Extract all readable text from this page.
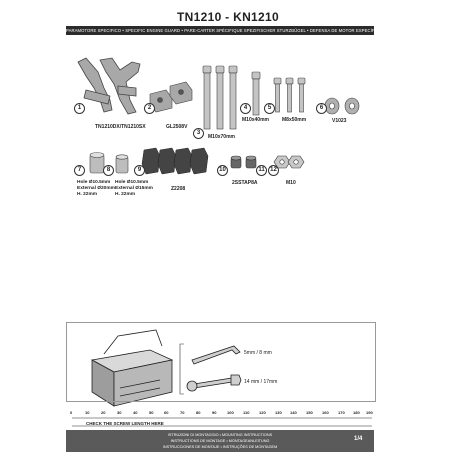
TN1210 - KN1210
PARAMOTORE SPECIFICO • SPECIFIC ENGINE GUARD • PARE-CARTER SPÉCIFIQUE SPEZIFISCHER STURZBÜGEL • DEFENSA DE MOTOR ESPECÍFICA • PARACHOQUES ESPECÍFICO
1
TN1210DX/TN1210SX
2
GL2508V
3
M10x70mm
4
M10x40mm
5
M8x50mm
6
V1023
7
Hole Ø10.5mm
External Ø20mm
H. 22mm
8
Hole Ø10.5mm
External Ø15mm
H. 22mm
9
Z2208
10	11
2SSTAP8A
12
M10
5mm / 8 mm
14 mm / 17mm
0	10	20	30	40	50	60	70	80	90	100 110 120 130 140 150 160 170 180 190
CHECK THE SCREW LENGTH HERE
ISTRUZIONI DI MONTAGGIO • MOUNTING INSTRUCTIONS
INSTRUCTIONS DE MONTAGE • MONTAGEANLEITUNG
INSTRUCCIONES DE MONTAJE • INSTRUÇÕES DE MONTAGEM
1/4
